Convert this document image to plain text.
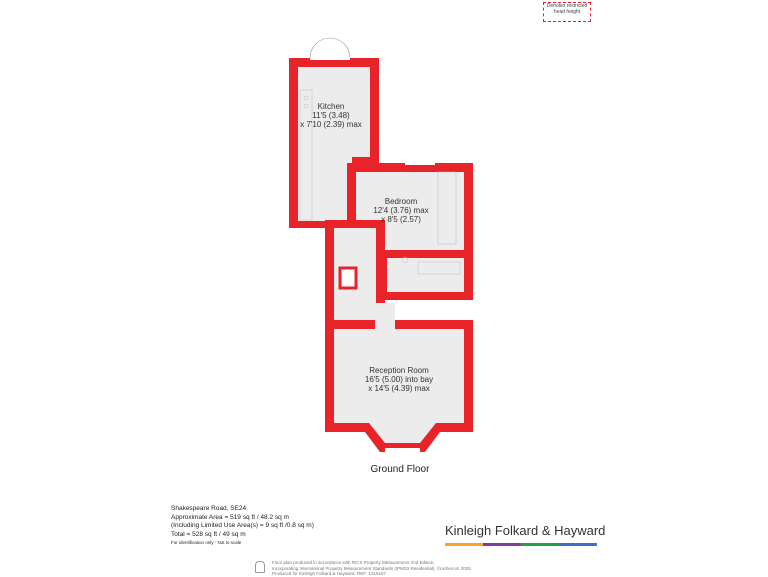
Denotes restricted head height
Kitchen
11'5 (3.48)
x 7'10 (2.39) max
Bedroom
12'4 (3.76) max
x 8'5 (2.57)
Reception Room
16'5 (5.00) into bay
x 14'5 (4.39) max
Ground Floor
Shakespeare Road, SE24
Approximate Area = 519 sq ft / 48.2 sq m
(Including Limited Use Area(s) = 9 sq ft /0.8 sq m)
Total = 528 sq ft / 49 sq m
For identification only - Not to scale
Kinleigh Folkard & Hayward
Floor plan produced in accordance with RICS Property Measurement 2nd Edition,
Incorporating International Property Measurement Standards (IPMS2 Residential). ©nichecom 2025.
Produced for Kinleigh Folkard & Hayward. REF: 1316157
